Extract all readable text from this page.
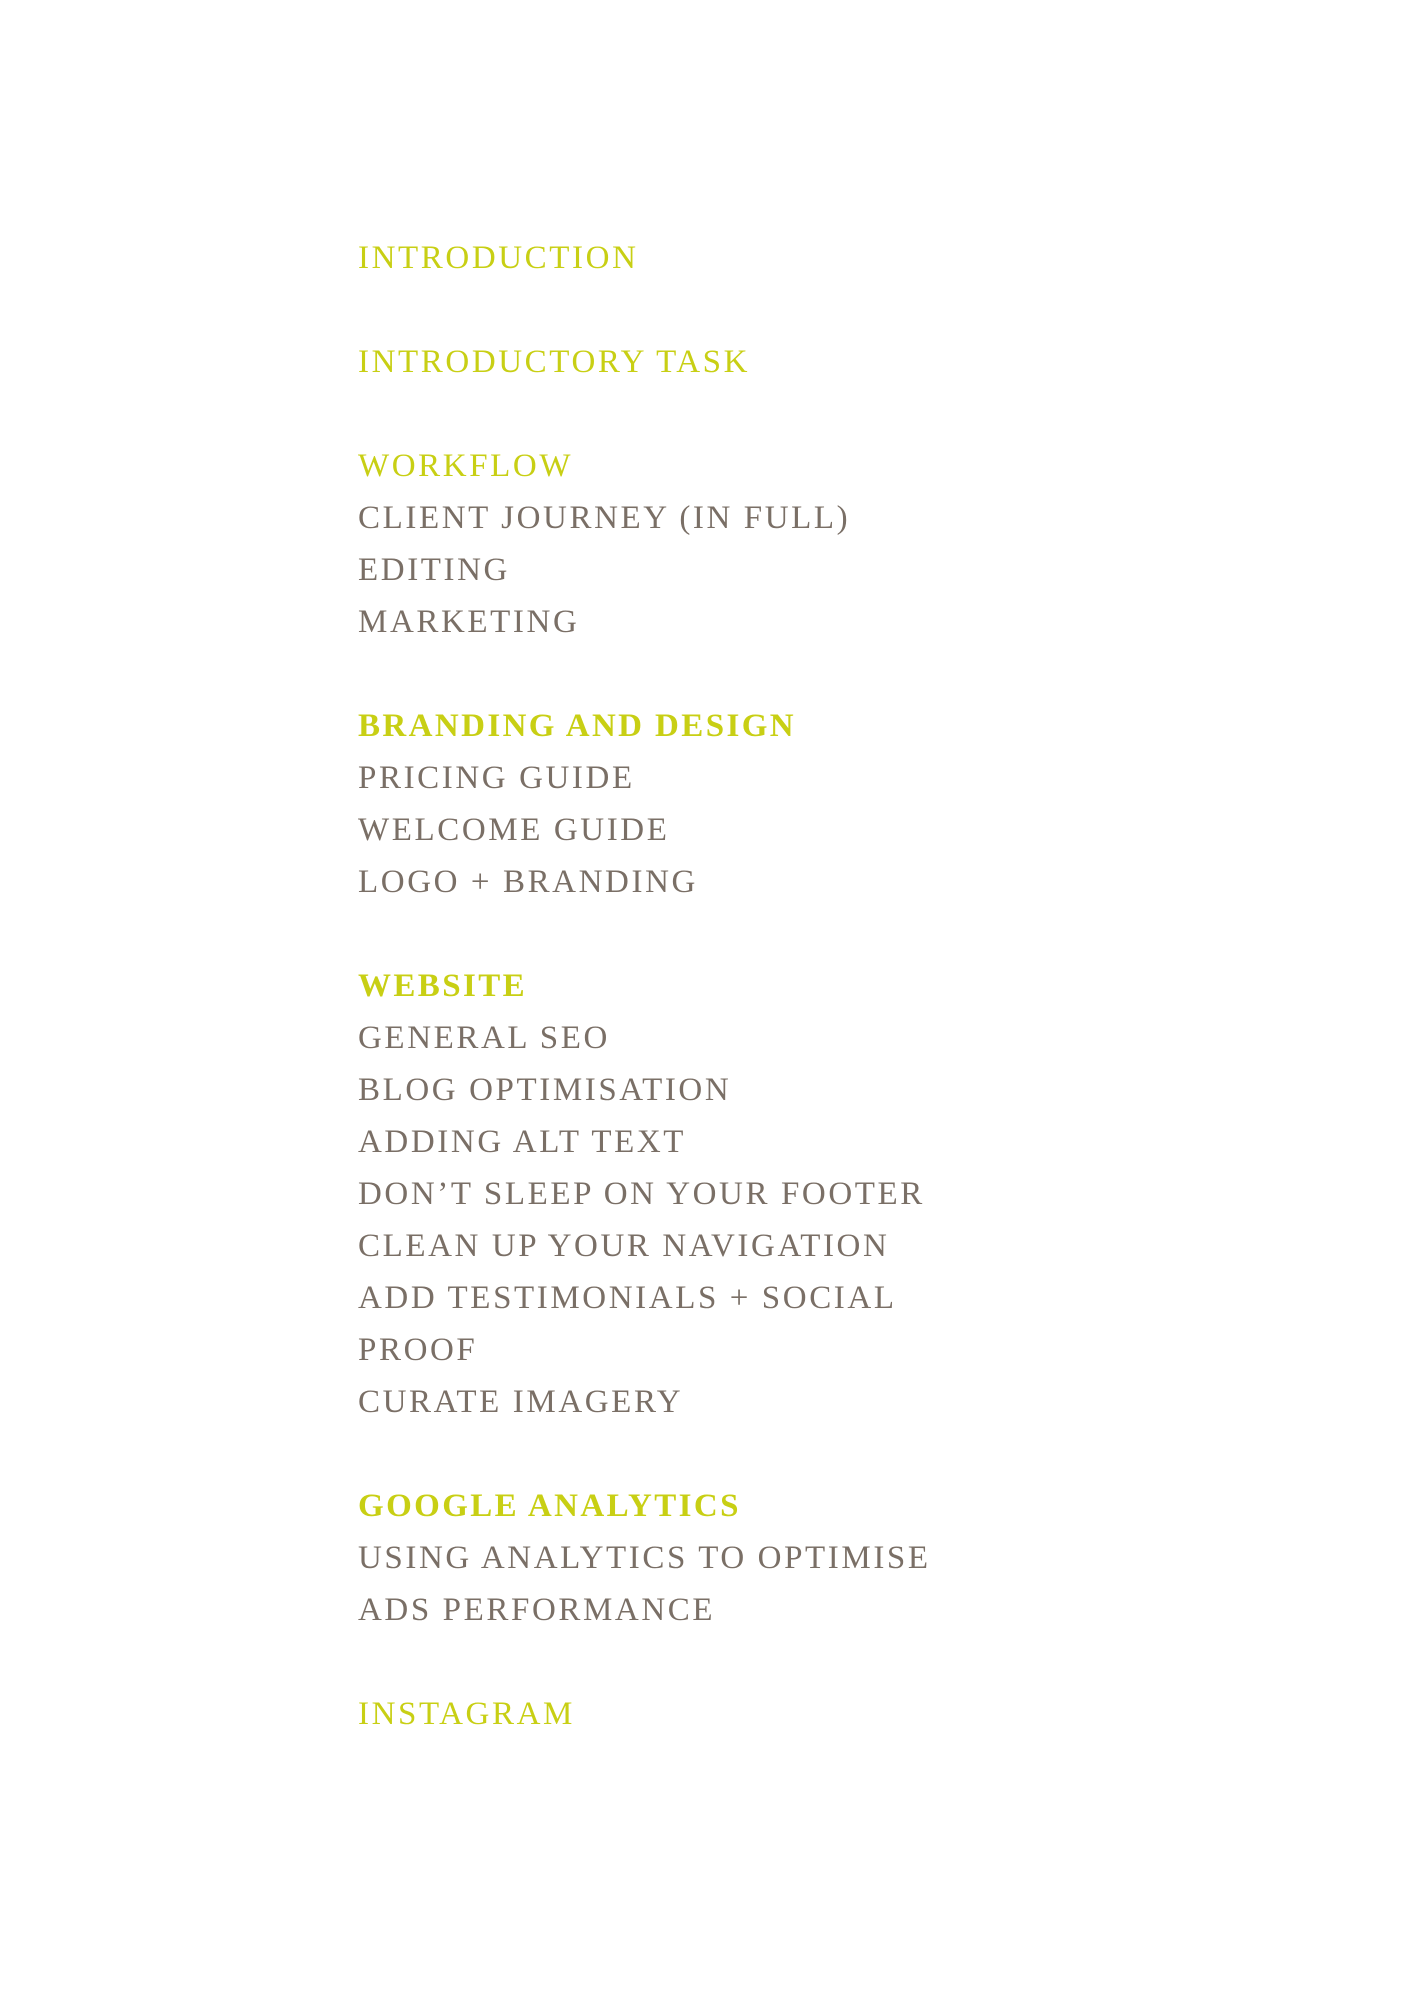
INTRODUCTION
INTRODUCTORY TASK
WORKFLOW
CLIENT JOURNEY (IN FULL)
EDITING
MARKETING
BRANDING AND DESIGN
PRICING GUIDE
WELCOME GUIDE
LOGO + BRANDING
WEBSITE
GENERAL SEO
BLOG OPTIMISATION
ADDING ALT TEXT
DON’T SLEEP ON YOUR FOOTER
CLEAN UP YOUR NAVIGATION
ADD TESTIMONIALS + SOCIAL
PROOF
CURATE IMAGERY
GOOGLE ANALYTICS
USING ANALYTICS TO OPTIMISE
ADS PERFORMANCE
INSTAGRAM
